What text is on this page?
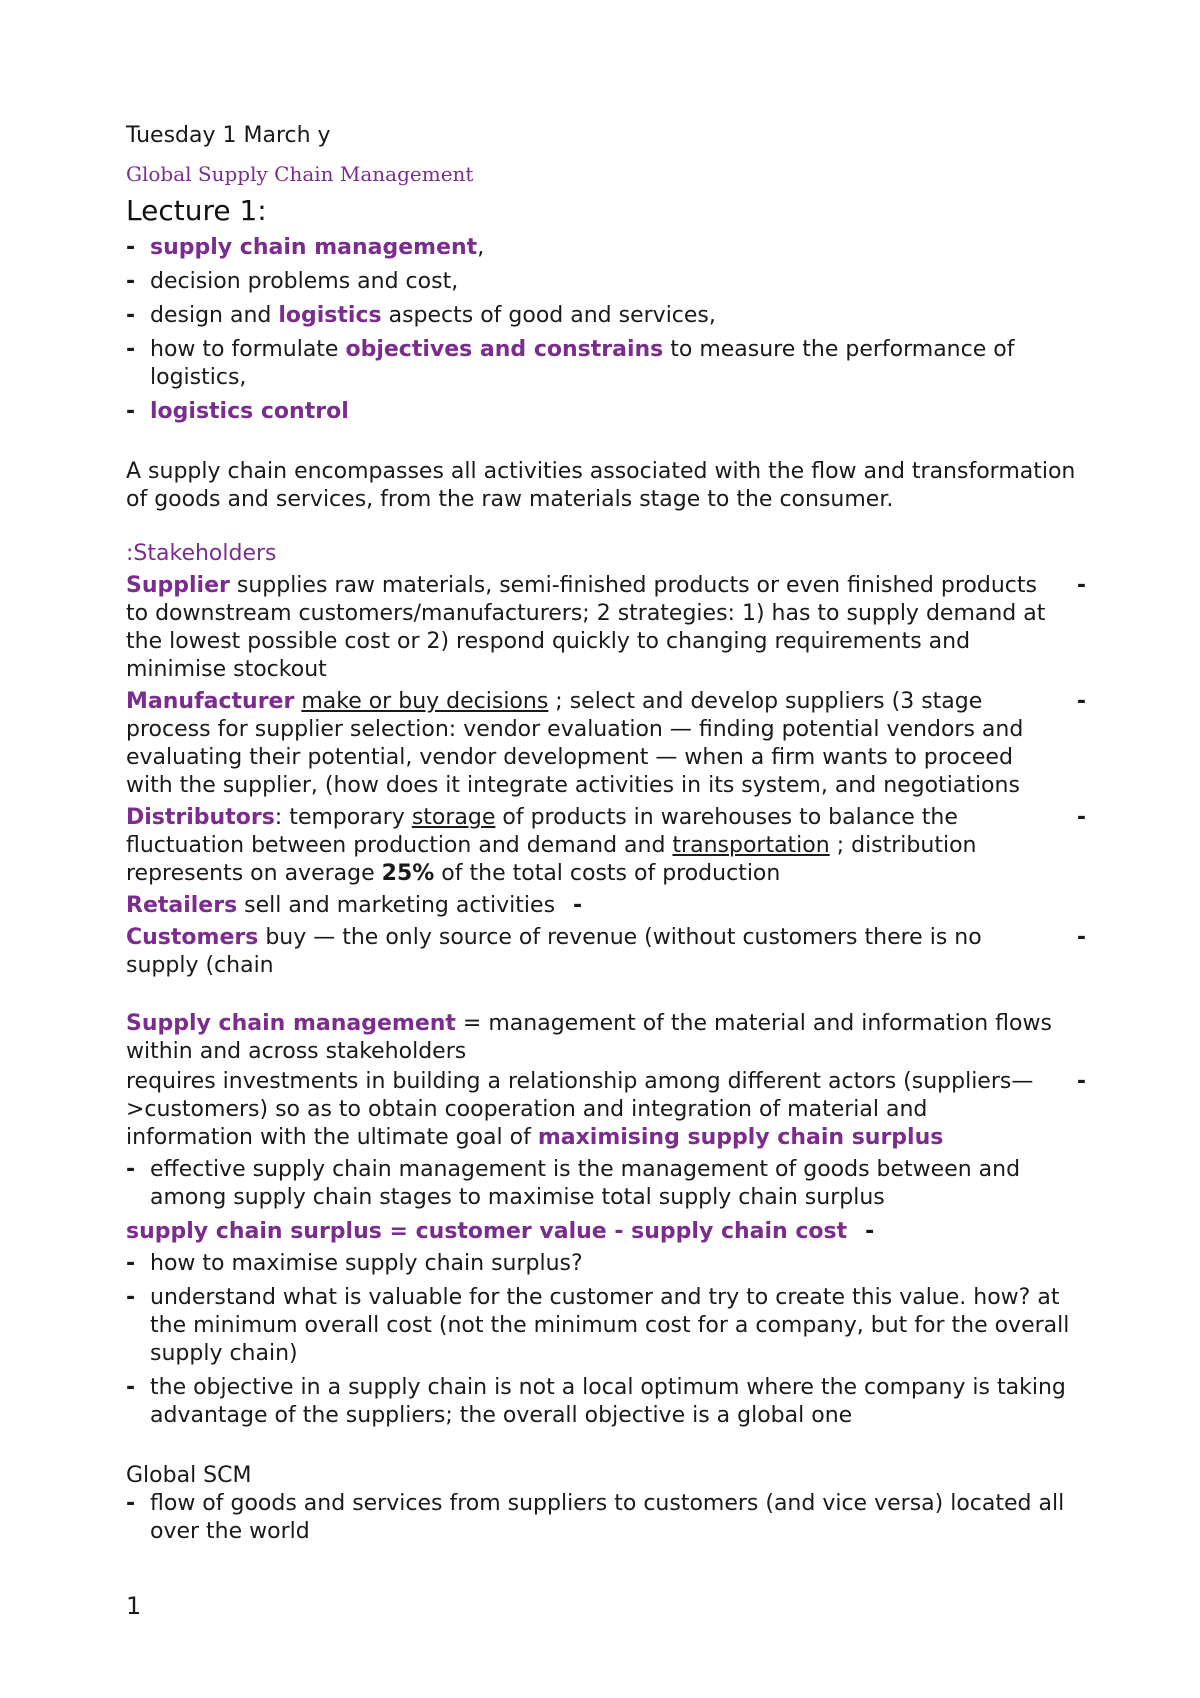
Tuesday 1 March y

Global Supply Chain Management

Lecture 1:

- supply chain management,
- decision problems and cost,
- design and logistics aspects of good and services,
- how to formulate objectives and constrains to measure the performance of logistics,
- logistics control

A supply chain encompasses all activities associated with the flow and transformation of goods and services, from the raw materials stage to the consumer.

:Stakeholders

Supplier supplies raw materials, semi-finished products or even finished products to downstream customers/manufacturers; 2 strategies: 1) has to supply demand at the lowest possible cost or 2) respond quickly to changing requirements and minimise stockout
-
Manufacturer make or buy decisions ; select and develop suppliers (3 stage process for supplier selection: vendor evaluation — finding potential vendors and evaluating their potential, vendor development — when a firm wants to proceed with the supplier, (how does it integrate activities in its system, and negotiations
-
Distributors: temporary storage of products in warehouses to balance the fluctuation between production and demand and transportation ; distribution represents on average 25% of the total costs of production
-
Retailers sell and marketing activities -
Customers buy — the only source of revenue (without customers there is no supply (chain
-

Supply chain management = management of the material and information flows within and across stakeholders

requires investments in building a relationship among different actors (suppliers—>customers) so as to obtain cooperation and integration of material and information with the ultimate goal of maximising supply chain surplus
-
- effective supply chain management is the management of goods between and among supply chain stages to maximise total supply chain surplus
supply chain surplus = customer value - supply chain cost -
- how to maximise supply chain surplus?
- understand what is valuable for the customer and try to create this value. how? at the minimum overall cost (not the minimum cost for a company, but for the overall supply chain)
- the objective in a supply chain is not a local optimum where the company is taking advantage of the suppliers; the overall objective is a global one

Global SCM

- flow of goods and services from suppliers to customers (and vice versa) located all over the world
1
